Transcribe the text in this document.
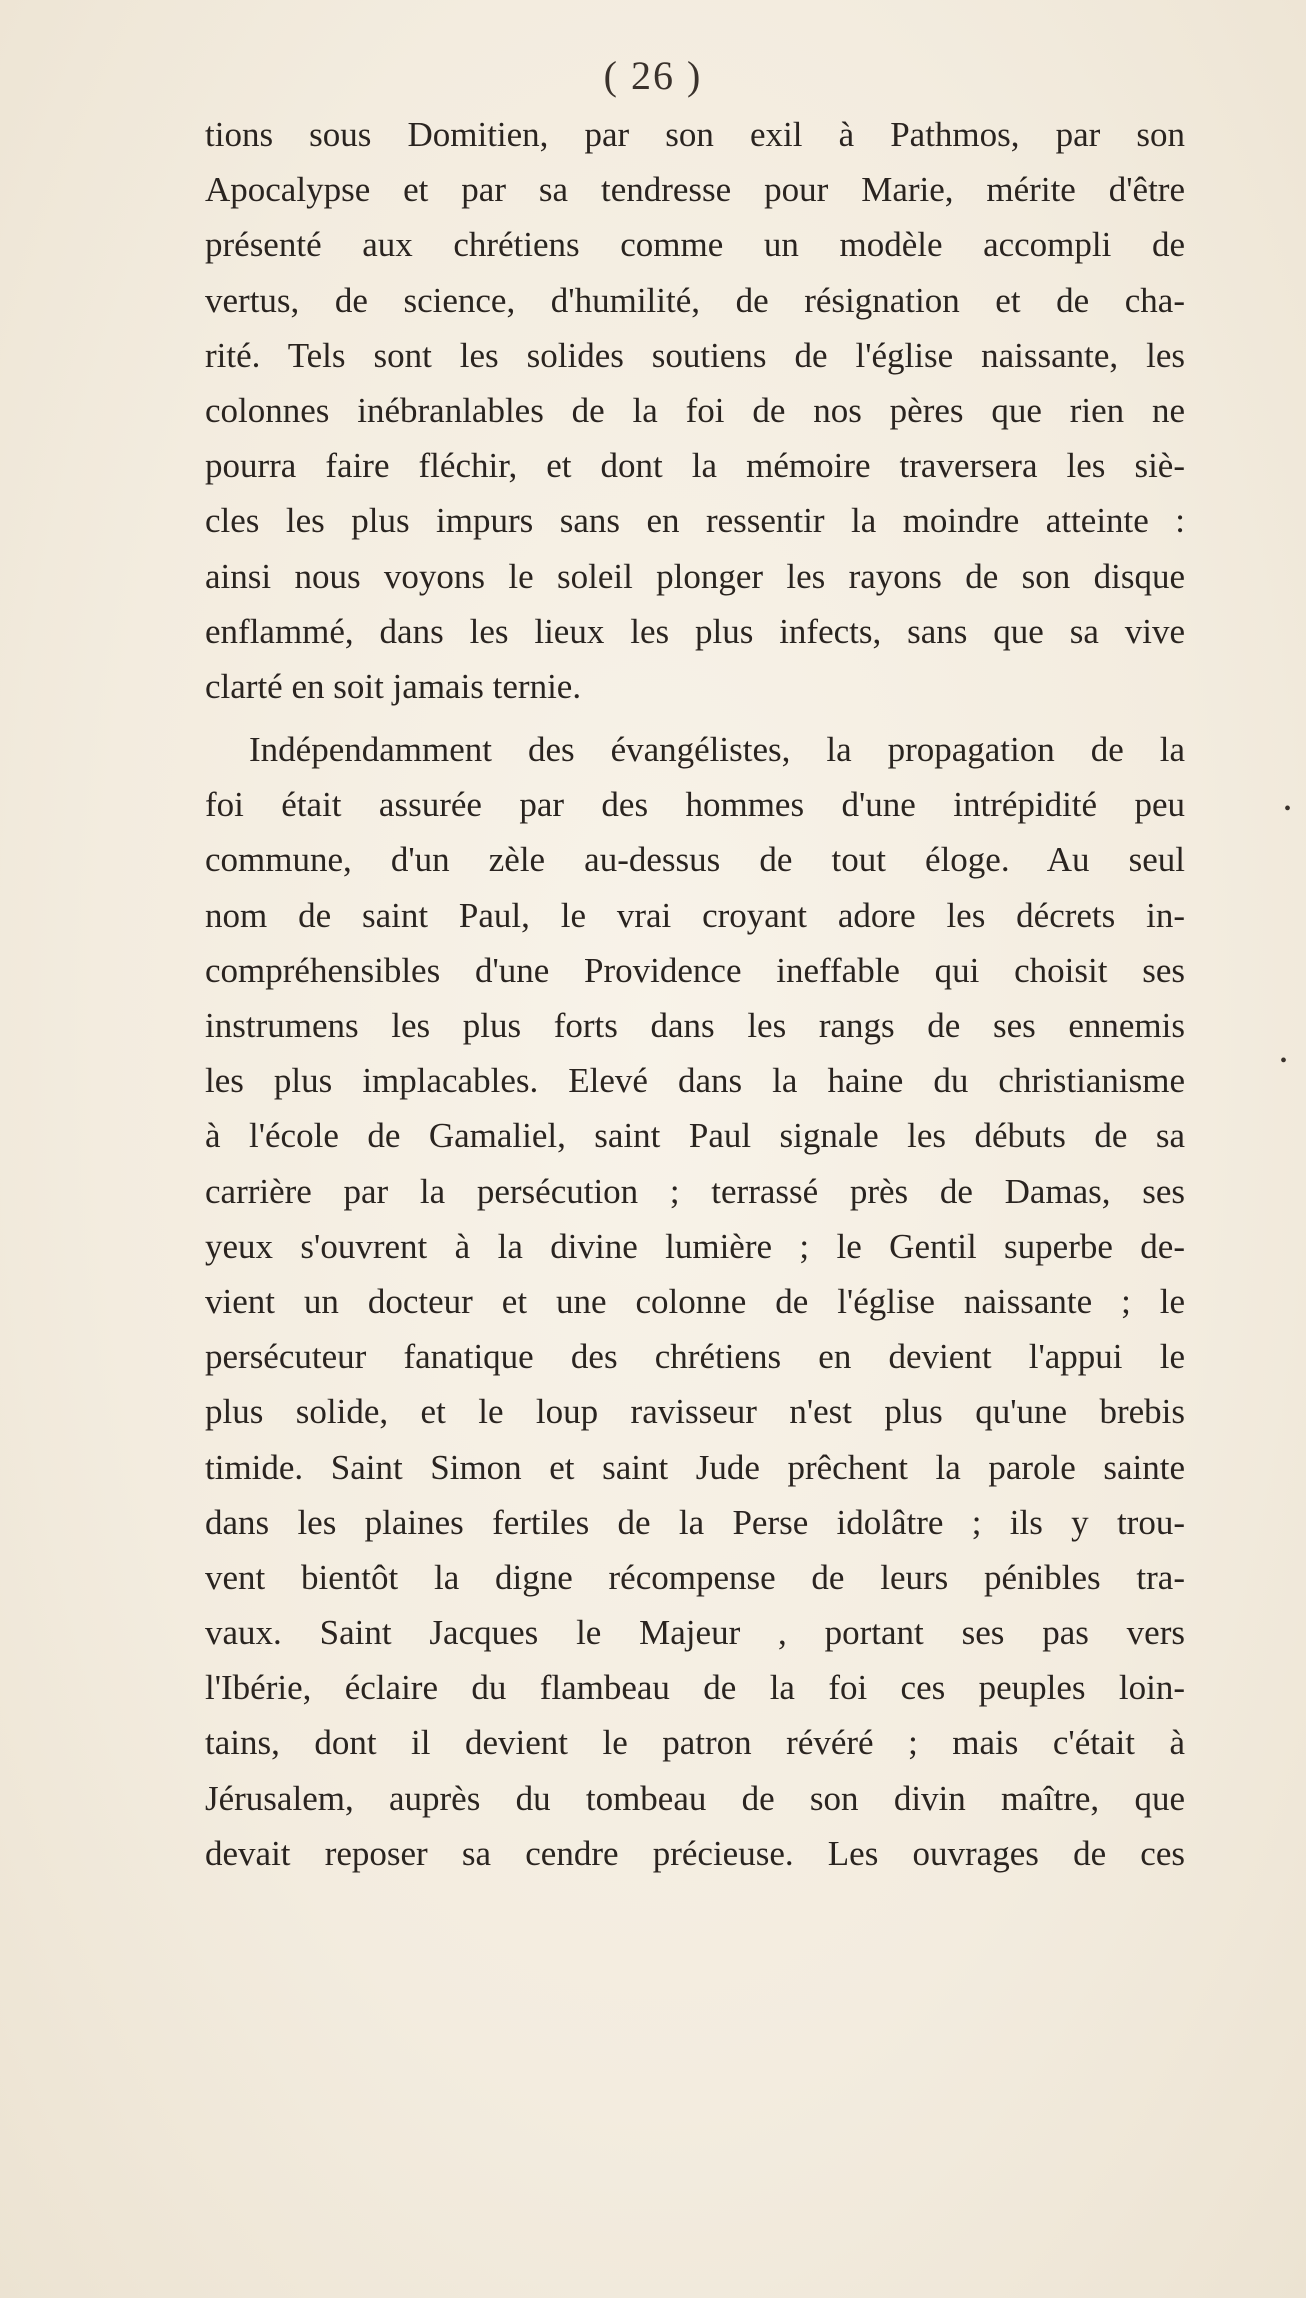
( 26 )
tions sous Domitien, par son exil à Pathmos, par son
Apocalypse et par sa tendresse pour Marie, mérite d'être
présenté aux chrétiens comme un modèle accompli de
vertus, de science, d'humilité, de résignation et de cha-
rité. Tels sont les solides soutiens de l'église naissante, les
colonnes inébranlables de la foi de nos pères que rien ne
pourra faire fléchir, et dont la mémoire traversera les siè-
cles les plus impurs sans en ressentir la moindre atteinte :
ainsi nous voyons le soleil plonger les rayons de son disque
enflammé, dans les lieux les plus infects, sans que sa vive
clarté en soit jamais ternie.
Indépendamment des évangélistes, la propagation de la
foi était assurée par des hommes d'une intrépidité peu
commune, d'un zèle au-dessus de tout éloge. Au seul
nom de saint Paul, le vrai croyant adore les décrets in-
compréhensibles d'une Providence ineffable qui choisit ses
instrumens les plus forts dans les rangs de ses ennemis
les plus implacables. Elevé dans la haine du christianisme
à l'école de Gamaliel, saint Paul signale les débuts de sa
carrière par la persécution ; terrassé près de Damas, ses
yeux s'ouvrent à la divine lumière ; le Gentil superbe de-
vient un docteur et une colonne de l'église naissante ; le
persécuteur fanatique des chrétiens en devient l'appui le
plus solide, et le loup ravisseur n'est plus qu'une brebis
timide. Saint Simon et saint Jude prêchent la parole sainte
dans les plaines fertiles de la Perse idolâtre ; ils y trou-
vent bientôt la digne récompense de leurs pénibles tra-
vaux. Saint Jacques le Majeur , portant ses pas vers
l'Ibérie, éclaire du flambeau de la foi ces peuples loin-
tains, dont il devient le patron révéré ; mais c'était à
Jérusalem, auprès du tombeau de son divin maître, que
devait reposer sa cendre précieuse. Les ouvrages de ces
•
•
